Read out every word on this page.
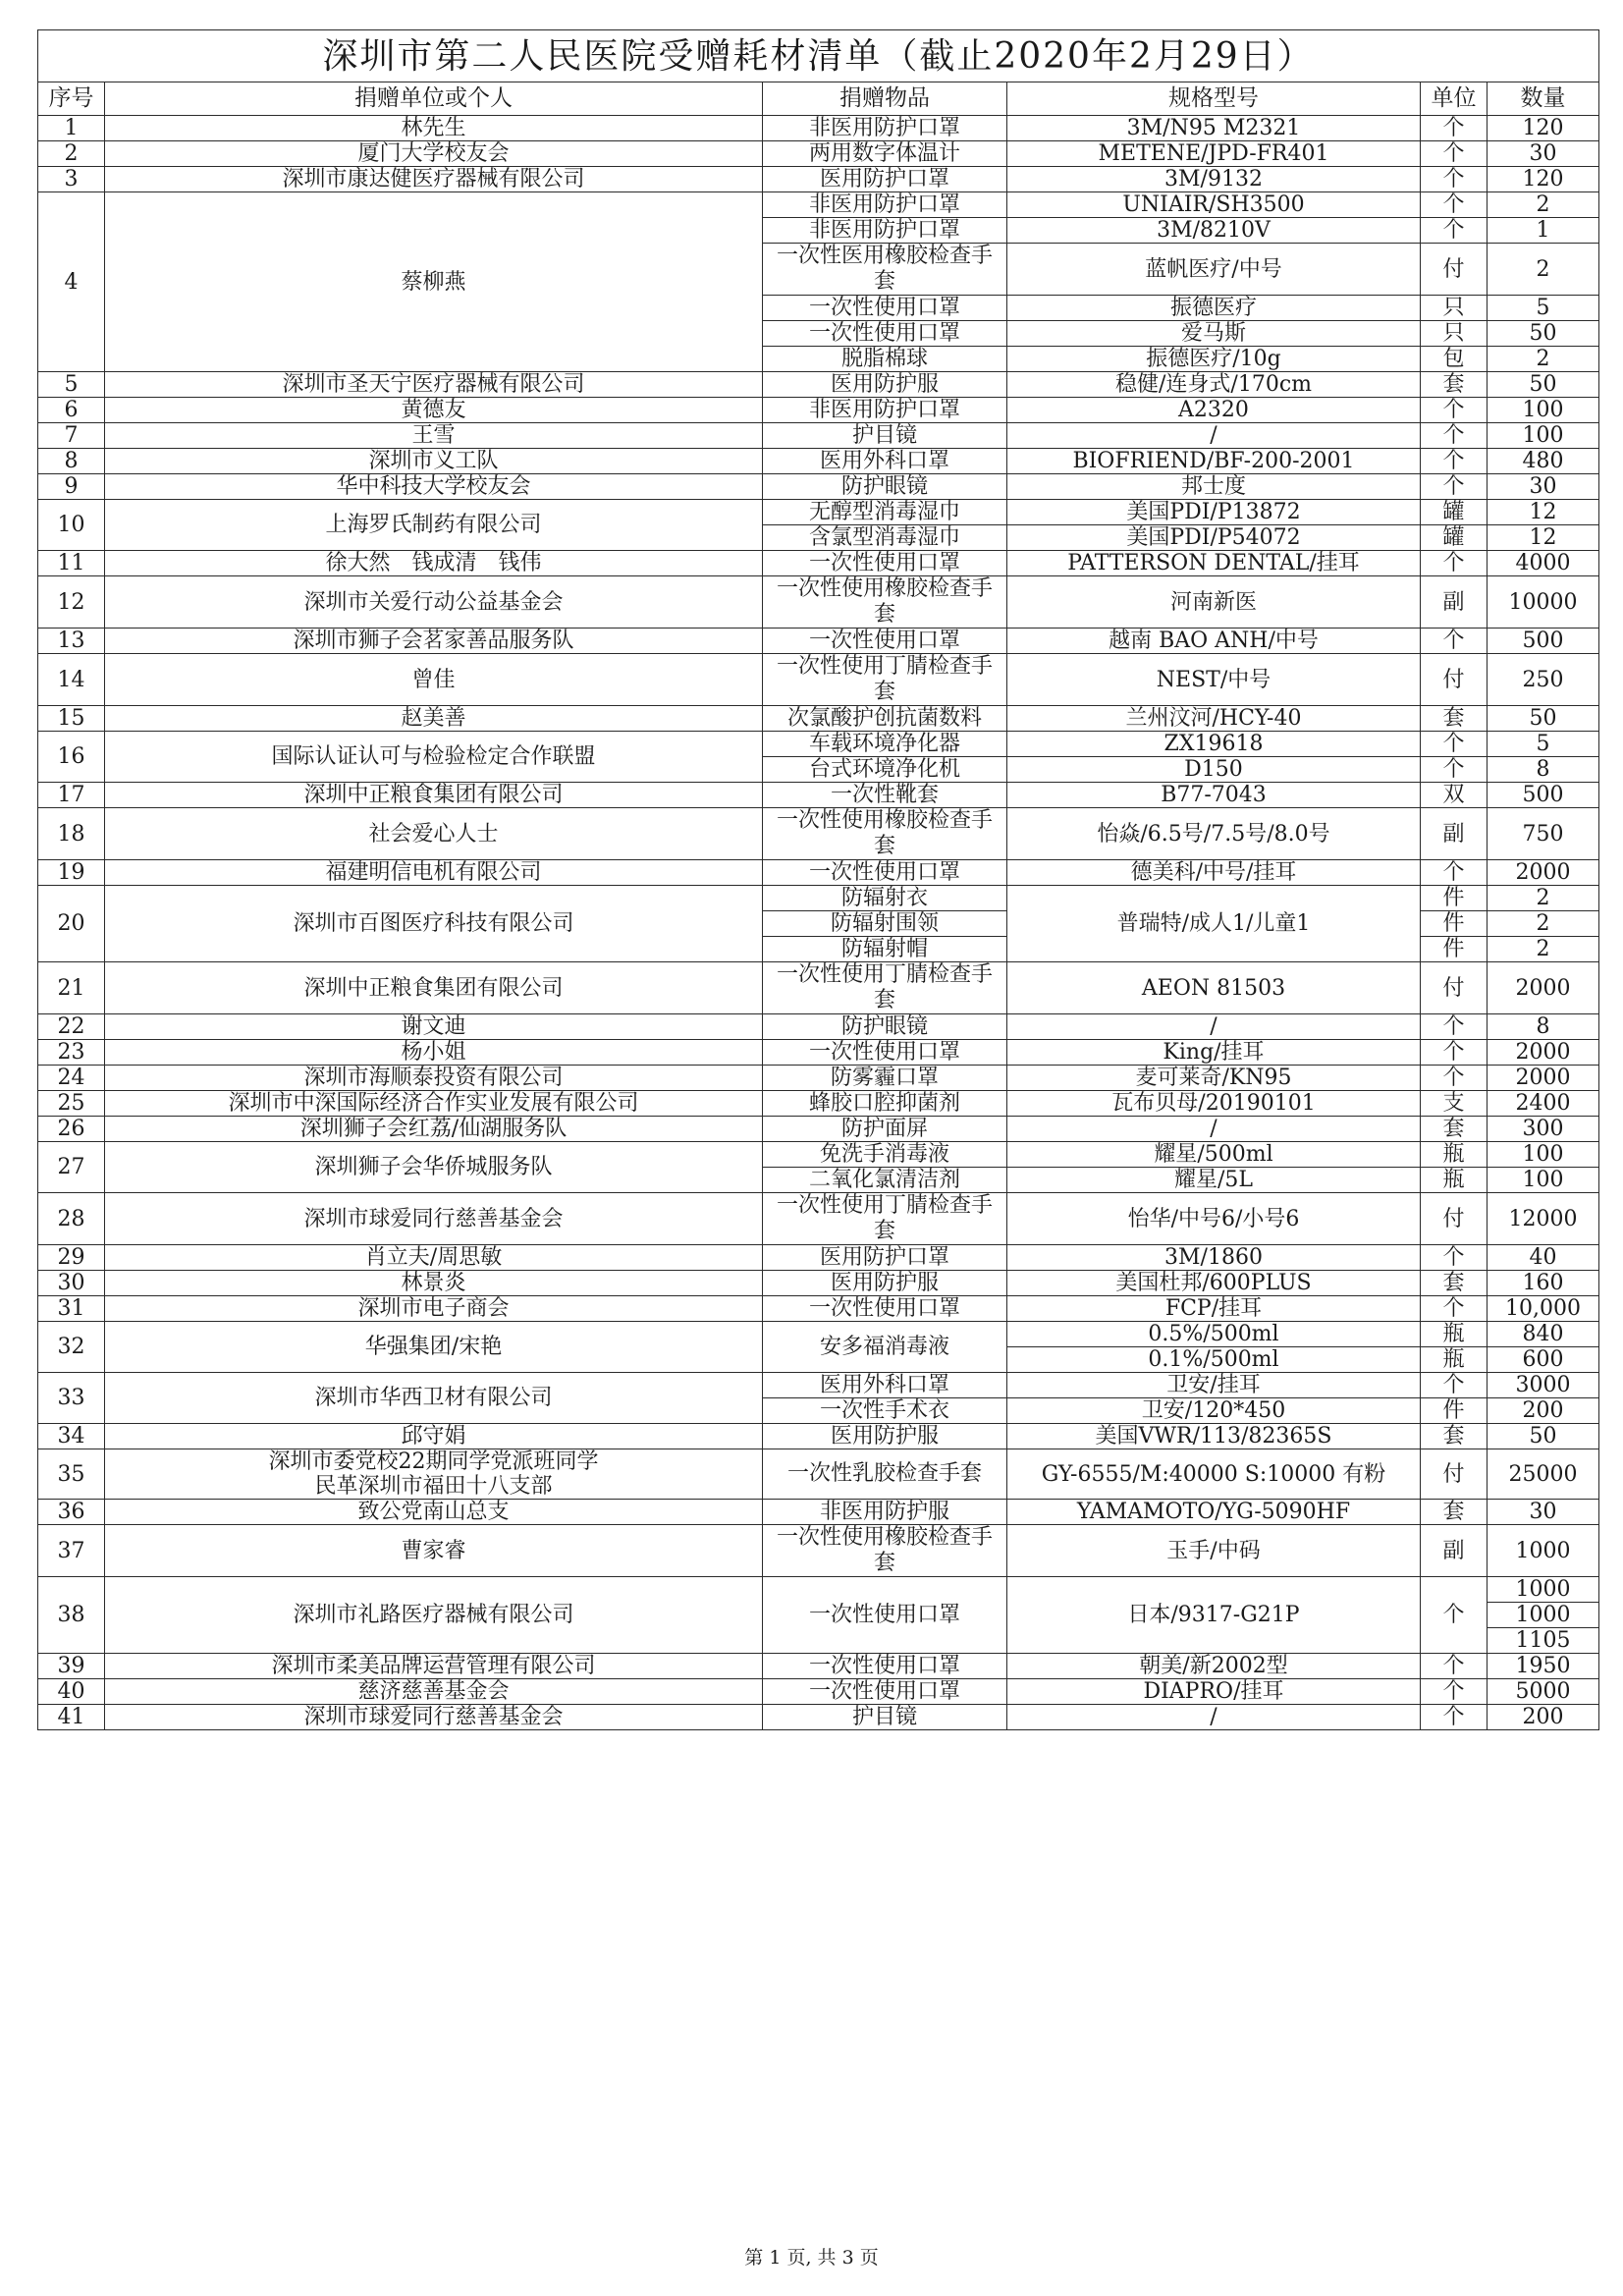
深圳市第二人民医院受赠耗材清单（截止2020年2月29日）					
序号	捐赠单位或个人	捐赠物品	规格型号	单位	数量
1	林先生	非医用防护口罩	3M/N95 M2321	个	120
2	厦门大学校友会	两用数字体温计	METENE/JPD-FR401	个	30
3	深圳市康达健医疗器械有限公司	医用防护口罩	3M/9132	个	120
4	蔡柳燕	非医用防护口罩	UNIAIR/SH3500	个	2
		非医用防护口罩	3M/8210V	个	1
		一次性医用橡胶检查手套	蓝帆医疗/中号	付	2
		一次性使用口罩	振德医疗	只	5
		一次性使用口罩	爱马斯	只	50
		脱脂棉球	振德医疗/10g	包	2
5	深圳市圣天宁医疗器械有限公司	医用防护服	稳健/连身式/170cm	套	50
6	黄德友	非医用防护口罩	A2320	个	100
7	王雪	护目镜	/	个	100
8	深圳市义工队	医用外科口罩	BIOFRIEND/BF-200-2001	个	480
9	华中科技大学校友会	防护眼镜	邦士度	个	30
10	上海罗氏制药有限公司	无醇型消毒湿巾	美国PDI/P13872	罐	12
		含氯型消毒湿巾	美国PDI/P54072	罐	12
11	徐大然　钱成清　钱伟	一次性使用口罩	PATTERSON DENTAL/挂耳	个	4000
12	深圳市关爱行动公益基金会	一次性使用橡胶检查手套	河南新医	副	10000
13	深圳市狮子会茗家善品服务队	一次性使用口罩	越南 BAO ANH/中号	个	500
14	曾佳	一次性使用丁腈检查手套	NEST/中号	付	250
15	赵美善	次氯酸护创抗菌数料	兰州汶河/HCY-40	套	50
16	国际认证认可与检验检定合作联盟	车载环境净化器	ZX19618	个	5
		台式环境净化机	D150	个	8
17	深圳中正粮食集团有限公司	一次性靴套	B77-7043	双	500
18	社会爱心人士	一次性使用橡胶检查手套	怡焱/6.5号/7.5号/8.0号	副	750
19	福建明信电机有限公司	一次性使用口罩	德美科/中号/挂耳	个	2000
20	深圳市百图医疗科技有限公司	防辐射衣	普瑞特/成人1/儿童1	件	2
		防辐射围领		件	2
		防辐射帽		件	2
21	深圳中正粮食集团有限公司	一次性使用丁腈检查手套	AEON 81503	付	2000
22	谢文迪	防护眼镜	/	个	8
23	杨小姐	一次性使用口罩	King/挂耳	个	2000
24	深圳市海顺泰投资有限公司	防雾霾口罩	麦可莱奇/KN95	个	2000
25	深圳市中深国际经济合作实业发展有限公司	蜂胶口腔抑菌剂	瓦布贝母/20190101	支	2400
26	深圳狮子会红荔/仙湖服务队	防护面屏	/	套	300
27	深圳狮子会华侨城服务队	免洗手消毒液	耀星/500ml	瓶	100
		二氧化氯清洁剂	耀星/5L	瓶	100
28	深圳市球爱同行慈善基金会	一次性使用丁腈检查手套	怡华/中号6/小号6	付	12000
29	肖立夫/周思敏	医用防护口罩	3M/1860	个	40
30	林景炎	医用防护服	美国杜邦/600PLUS	套	160
31	深圳市电子商会	一次性使用口罩	FCP/挂耳	个	10,000
32	华强集团/宋艳	安多福消毒液	0.5%/500ml	瓶	840
			0.1%/500ml	瓶	600
33	深圳市华西卫材有限公司	医用外科口罩	卫安/挂耳	个	3000
		一次性手术衣	卫安/120*450	件	200
34	邱守娟	医用防护服	美国VWR/113/82365S	套	50
35	深圳市委党校22期同学党派班同学
民革深圳市福田十八支部	一次性乳胶检查手套	GY-6555/M:40000 S:10000 有粉	付	25000
36	致公党南山总支	非医用防护服	YAMAMOTO/YG-5090HF	套	30
37	曹家睿	一次性使用橡胶检查手套	玉手/中码	副	1000
38	深圳市礼路医疗器械有限公司	一次性使用口罩	日本/9317-G21P	个	1000
					1000
					1105
39	深圳市柔美品牌运营管理有限公司	一次性使用口罩	朝美/新2002型	个	1950
40	慈济慈善基金会	一次性使用口罩	DIAPRO/挂耳	个	5000
41	深圳市球爱同行慈善基金会	护目镜	/	个	200
第 1 页, 共 3 页
